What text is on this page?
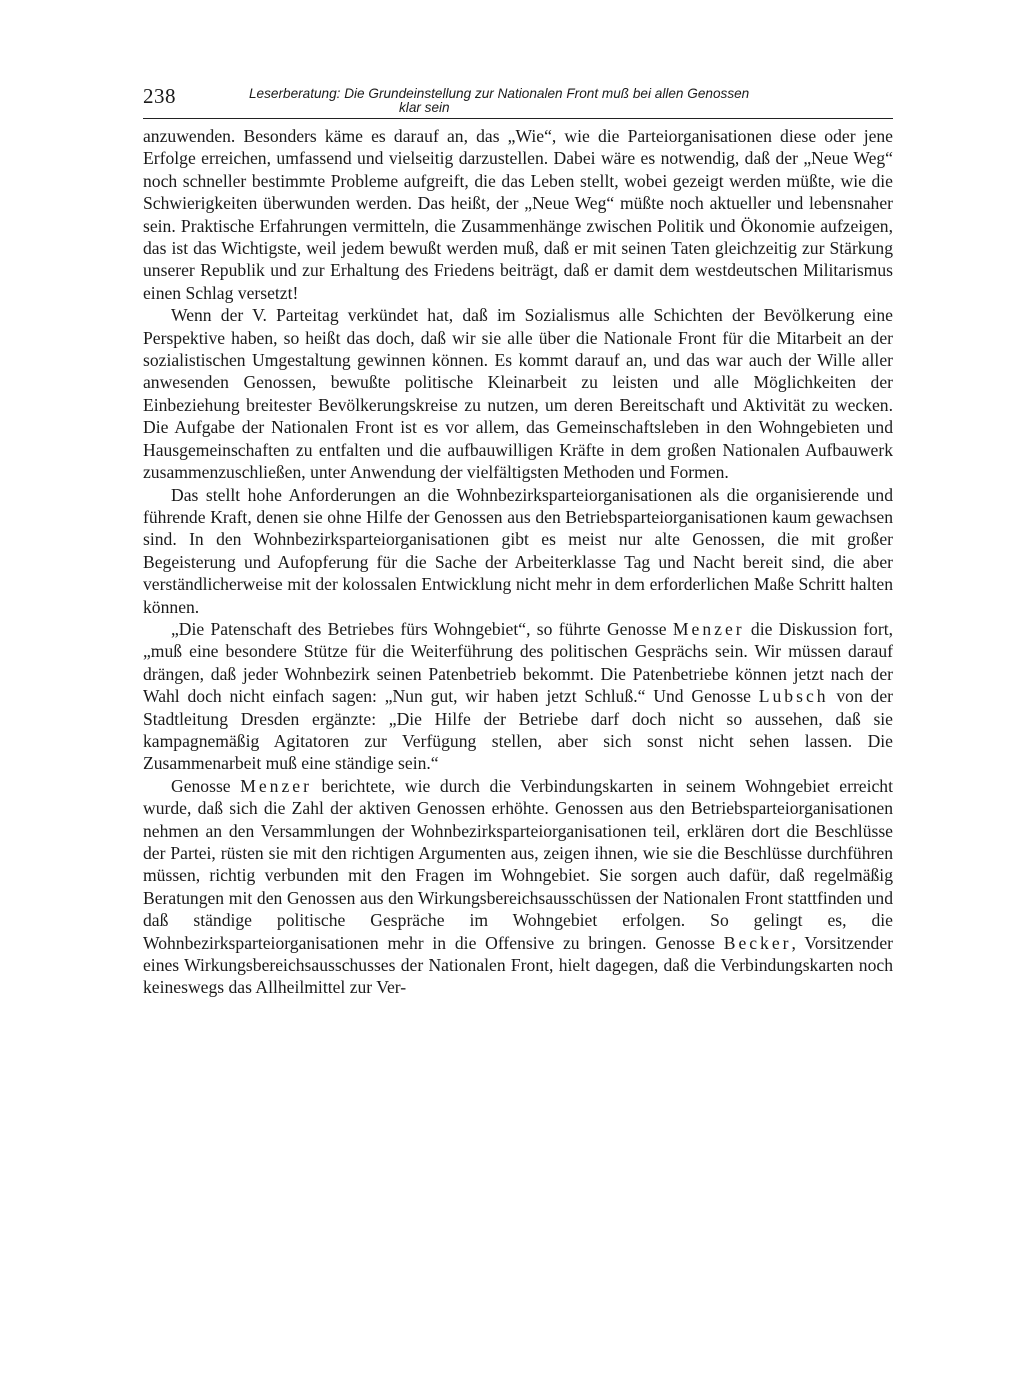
238	Leserberatung: Die Grundeinstellung zur Nationalen Front muß bei allen Genossen
klar sein

anzuwenden. Besonders käme es darauf an, das „Wie“, wie die Parteiorganisationen diese oder jene Erfolge erreichen, umfassend und vielseitig darzustellen. Dabei wäre es notwendig, daß der „Neue Weg“ noch schneller bestimmte Probleme aufgreift, die das Leben stellt, wobei gezeigt werden müßte, wie die Schwierigkeiten überwunden werden. Das heißt, der „Neue Weg“ müßte noch aktueller und lebensnaher sein. Praktische Erfahrungen vermitteln, die Zusammenhänge zwischen Politik und Ökonomie aufzeigen, das ist das Wichtigste, weil jedem bewußt werden muß, daß er mit seinen Taten gleichzeitig zur Stärkung unserer Republik und zur Erhaltung des Friedens beiträgt, daß er damit dem westdeutschen Militarismus einen Schlag versetzt!

Wenn der V. Parteitag verkündet hat, daß im Sozialismus alle Schichten der Bevölkerung eine Perspektive haben, so heißt das doch, daß wir sie alle über die Nationale Front für die Mitarbeit an der sozialistischen Umgestaltung gewinnen können. Es kommt darauf an, und das war auch der Wille aller anwesenden Genossen, bewußte politische Kleinarbeit zu leisten und alle Möglichkeiten der Einbeziehung breitester Bevölkerungskreise zu nutzen, um deren Bereitschaft und Aktivität zu wecken. Die Aufgabe der Nationalen Front ist es vor allem, das Gemeinschaftsleben in den Wohngebieten und Hausgemeinschaften zu entfalten und die aufbauwilligen Kräfte in dem großen Nationalen Aufbauwerk zusammenzuschließen, unter Anwendung der vielfältigsten Methoden und Formen.

Das stellt hohe Anforderungen an die Wohnbezirksparteiorganisationen als die organisierende und führende Kraft, denen sie ohne Hilfe der Genossen aus den Betriebsparteiorganisationen kaum gewachsen sind. In den Wohnbezirksparteiorganisationen gibt es meist nur alte Genossen, die mit großer Begeisterung und Aufopferung für die Sache der Arbeiterklasse Tag und Nacht bereit sind, die aber verständlicherweise mit der kolossalen Entwicklung nicht mehr in dem erforderlichen Maße Schritt halten können.

„Die Patenschaft des Betriebes fürs Wohngebiet“, so führte Genosse Menzer die Diskussion fort, „muß eine besondere Stütze für die Weiterführung des politischen Gesprächs sein. Wir müssen darauf drängen, daß jeder Wohnbezirk seinen Patenbetrieb bekommt. Die Patenbetriebe können jetzt nach der Wahl doch nicht einfach sagen: „Nun gut, wir haben jetzt Schluß.“ Und Genosse Lubsch von der Stadtleitung Dresden ergänzte: „Die Hilfe der Betriebe darf doch nicht so aussehen, daß sie kampagnemäßig Agitatoren zur Verfügung stellen, aber sich sonst nicht sehen lassen. Die Zusammenarbeit muß eine ständige sein.“

Genosse Menzer berichtete, wie durch die Verbindungskarten in seinem Wohngebiet erreicht wurde, daß sich die Zahl der aktiven Genossen erhöhte. Genossen aus den Betriebsparteiorganisationen nehmen an den Versammlungen der Wohnbezirksparteiorganisationen teil, erklären dort die Beschlüsse der Partei, rüsten sie mit den richtigen Argumenten aus, zeigen ihnen, wie sie die Beschlüsse durchführen müssen, richtig verbunden mit den Fragen im Wohngebiet. Sie sorgen auch dafür, daß regelmäßig Beratungen mit den Genossen aus den Wirkungsbereichsausschüssen der Nationalen Front stattfinden und daß ständige politische Gespräche im Wohngebiet erfolgen. So gelingt es, die Wohnbezirksparteiorganisationen mehr in die Offensive zu bringen. Genosse Becker, Vorsitzender eines Wirkungsbereichsausschusses der Nationalen Front, hielt dagegen, daß die Verbindungskarten noch keineswegs das Allheilmittel zur Ver-
